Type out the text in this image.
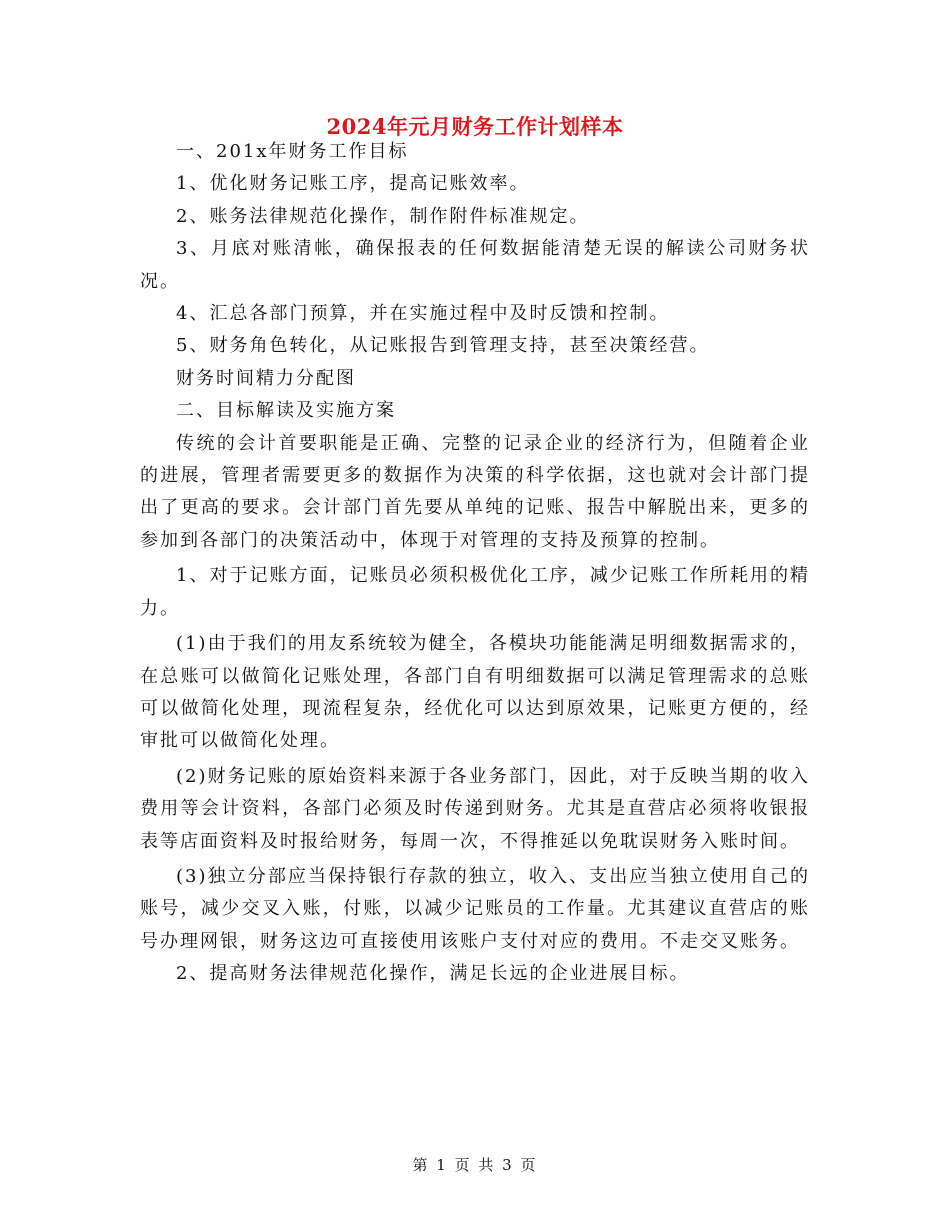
2024年元月财务工作计划样本

一、201x年财务工作目标

1、优化财务记账工序，提高记账效率。

2、账务法律规范化操作，制作附件标准规定。

3、月底对账清帐，确保报表的任何数据能清楚无误的解读公司财务状况。

4、汇总各部门预算，并在实施过程中及时反馈和控制。

5、财务角色转化，从记账报告到管理支持，甚至决策经营。

财务时间精力分配图

二、目标解读及实施方案

传统的会计首要职能是正确、完整的记录企业的经济行为，但随着企业的进展，管理者需要更多的数据作为决策的科学依据，这也就对会计部门提出了更高的要求。会计部门首先要从单纯的记账、报告中解脱出来，更多的参加到各部门的决策活动中，体现于对管理的支持及预算的控制。

1、对于记账方面，记账员必须积极优化工序，减少记账工作所耗用的精力。

(1)由于我们的用友系统较为健全，各模块功能能满足明细数据需求的，在总账可以做简化记账处理，各部门自有明细数据可以满足管理需求的总账可以做简化处理，现流程复杂，经优化可以达到原效果，记账更方便的，经审批可以做简化处理。

(2)财务记账的原始资料来源于各业务部门，因此，对于反映当期的收入费用等会计资料，各部门必须及时传递到财务。尤其是直营店必须将收银报表等店面资料及时报给财务，每周一次，不得推延以免耽误财务入账时间。

(3)独立分部应当保持银行存款的独立，收入、支出应当独立使用自己的账号，减少交叉入账，付账，以减少记账员的工作量。尤其建议直营店的账号办理网银，财务这边可直接使用该账户支付对应的费用。不走交叉账务。

2、提高财务法律规范化操作，满足长远的企业进展目标。

第 1 页 共 3 页
